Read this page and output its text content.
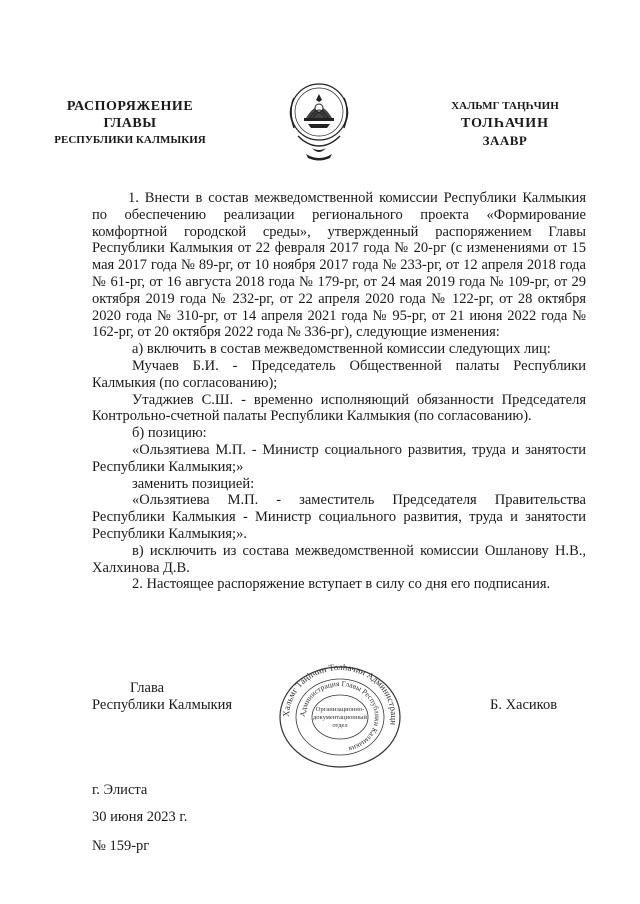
РАСПОРЯЖЕНИЕ
ГЛАВЫ
РЕСПУБЛИКИ КАЛМЫКИЯ
ХАЛЬМГ ТАҢҺЧИН
ТОЛҺАЧИН
ЗААВР

1. Внести в состав межведомственной комиссии Республики Калмыкия по обеспечению реализации регионального проекта «Формирование комфортной городской среды», утвержденный распоряжением Главы Республики Калмыкия от 22 февраля 2017 года № 20-рг (с изменениями от 15 мая 2017 года № 89-рг, от 10 ноября 2017 года № 233-рг, от 12 апреля 2018 года № 61-рг, от 16 августа 2018 года № 179-рг, от 24 мая 2019 года № 109-рг, от 29 октября 2019 года № 232-рг, от 22 апреля 2020 года № 122-рг, от 28 октября 2020 года № 310-рг, от 14 апреля 2021 года № 95-рг, от 21 июня 2022 года № 162-рг, от 20 октября 2022 года № 336-рг), следующие изменения:

а) включить в состав межведомственной комиссии следующих лиц:

Мучаев Б.И. - Председатель Общественной палаты Республики Калмыкия (по согласованию);

Утаджиев С.Ш. - временно исполняющий обязанности Председателя Контрольно-счетной палаты Республики Калмыкия (по согласованию).

б) позицию:

«Ользятиева М.П. - Министр социального развития, труда и занятости Республики Калмыкия;»

заменить позицией:

«Ользятиева М.П. - заместитель Председателя Правительства Республики Калмыкия - Министр социального развития, труда и занятости Республики Калмыкия;».

в) исключить из состава межведомственной комиссии Ошланову Н.В., Халхинова Д.В.

2. Настоящее распоряжение вступает в силу со дня его подписания.

Глава
Республики Калмыкия
Хальмг Таңһчин Толһачин Администраци
Администрация Главы Республики Калмыкия
Организационно-
документационный
отдел
Б. Хасиков
г. Элиста
30 июня 2023 г.
№ 159-рг
